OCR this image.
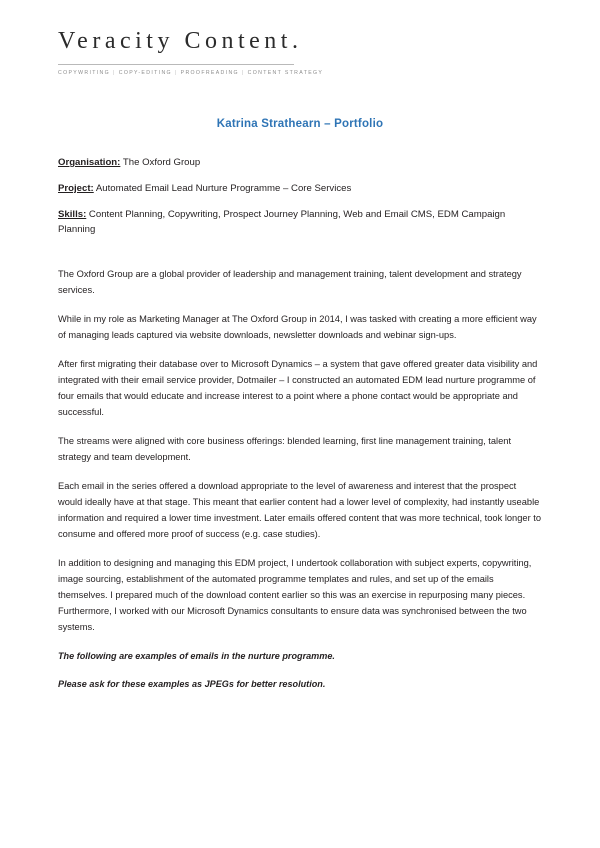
Veracity Content.
COPYWRITING | COPY-EDITING | PROOFREADING | CONTENT STRATEGY
Katrina Strathearn – Portfolio

Organisation: The Oxford Group

Project: Automated Email Lead Nurture Programme – Core Services

Skills: Content Planning, Copywriting, Prospect Journey Planning, Web and Email CMS, EDM Campaign Planning

The Oxford Group are a global provider of leadership and management training, talent development and strategy services.

While in my role as Marketing Manager at The Oxford Group in 2014, I was tasked with creating a more efficient way of managing leads captured via website downloads, newsletter downloads and webinar sign-ups.

After first migrating their database over to Microsoft Dynamics – a system that gave offered greater data visibility and integrated with their email service provider, Dotmailer – I constructed an automated EDM lead nurture programme of four emails that would educate and increase interest to a point where a phone contact would be appropriate and successful.

The streams were aligned with core business offerings: blended learning, first line management training, talent strategy and team development.

Each email in the series offered a download appropriate to the level of awareness and interest that the prospect would ideally have at that stage. This meant that earlier content had a lower level of complexity, had instantly useable information and required a lower time investment. Later emails offered content that was more technical, took longer to consume and offered more proof of success (e.g. case studies).

In addition to designing and managing this EDM project, I undertook collaboration with subject experts, copywriting, image sourcing, establishment of the automated programme templates and rules, and set up of the emails themselves. I prepared much of the download content earlier so this was an exercise in repurposing many pieces. Furthermore, I worked with our Microsoft Dynamics consultants to ensure data was synchronised between the two systems.

The following are examples of emails in the nurture programme.

Please ask for these examples as JPEGs for better resolution.
